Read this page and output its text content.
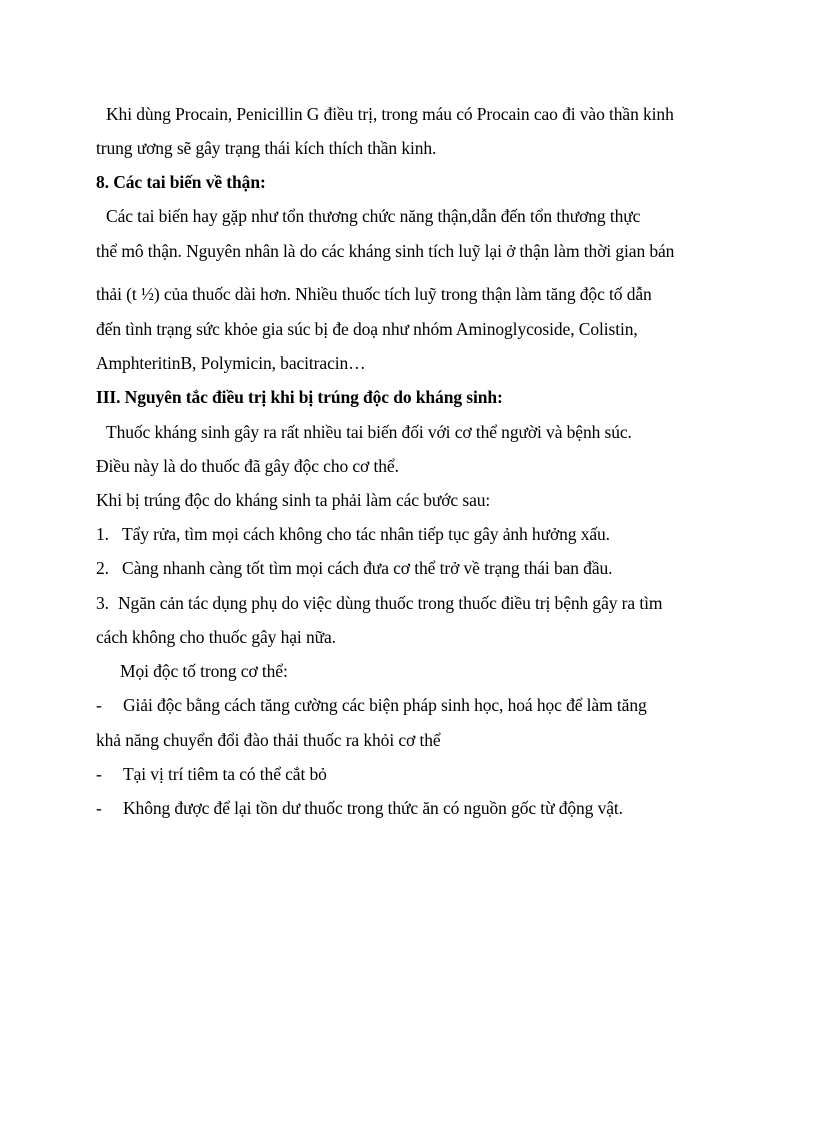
Khi dùng Procain, Penicillin G điều trị, trong máu có Procain cao đi vào thần kinh
trung ương sẽ gây trạng thái kích thích thần kinh.
8. Các tai biến về thận:
Các tai biến hay gặp như tổn thương chức năng thận,dẫn đến tổn thương thực
thể mô thận. Nguyên nhân là do các kháng sinh tích luỹ lại ở thận làm thời gian bán
thải (t ½) của thuốc dài hơn. Nhiều thuốc tích luỹ trong thận làm tăng độc tố dẫn
đến tình trạng sức khỏe gia súc bị đe doạ như nhóm Aminoglycoside, Colistin,
AmphteritinB, Polymicin, bacitracin…
III. Nguyên tắc điều trị khi bị trúng độc do kháng sinh:
Thuốc kháng sinh gây ra rất nhiều tai biến đối với cơ thể người và bệnh súc.
Điều này là do thuốc đã gây độc cho cơ thể.
Khi bị trúng độc do kháng sinh ta phải làm các bước sau:
1. Tẩy rửa, tìm mọi cách không cho tác nhân tiếp tục gây ảnh hưởng xấu.
2. Càng nhanh càng tốt tìm mọi cách đưa cơ thể trở về trạng thái ban đầu.
3. Ngăn cản tác dụng phụ do việc dùng thuốc trong thuốc điều trị bệnh gây ra tìm
cách không cho thuốc gây hại nữa.
Mọi độc tố trong cơ thể:
- Giải độc bằng cách tăng cường các biện pháp sinh học, hoá học để làm tăng
khả năng chuyển đổi đào thải thuốc ra khỏi cơ thể
- Tại vị trí tiêm ta có thể cắt bỏ
- Không được để lại tồn dư thuốc trong thức ăn có nguồn gốc từ động vật.
